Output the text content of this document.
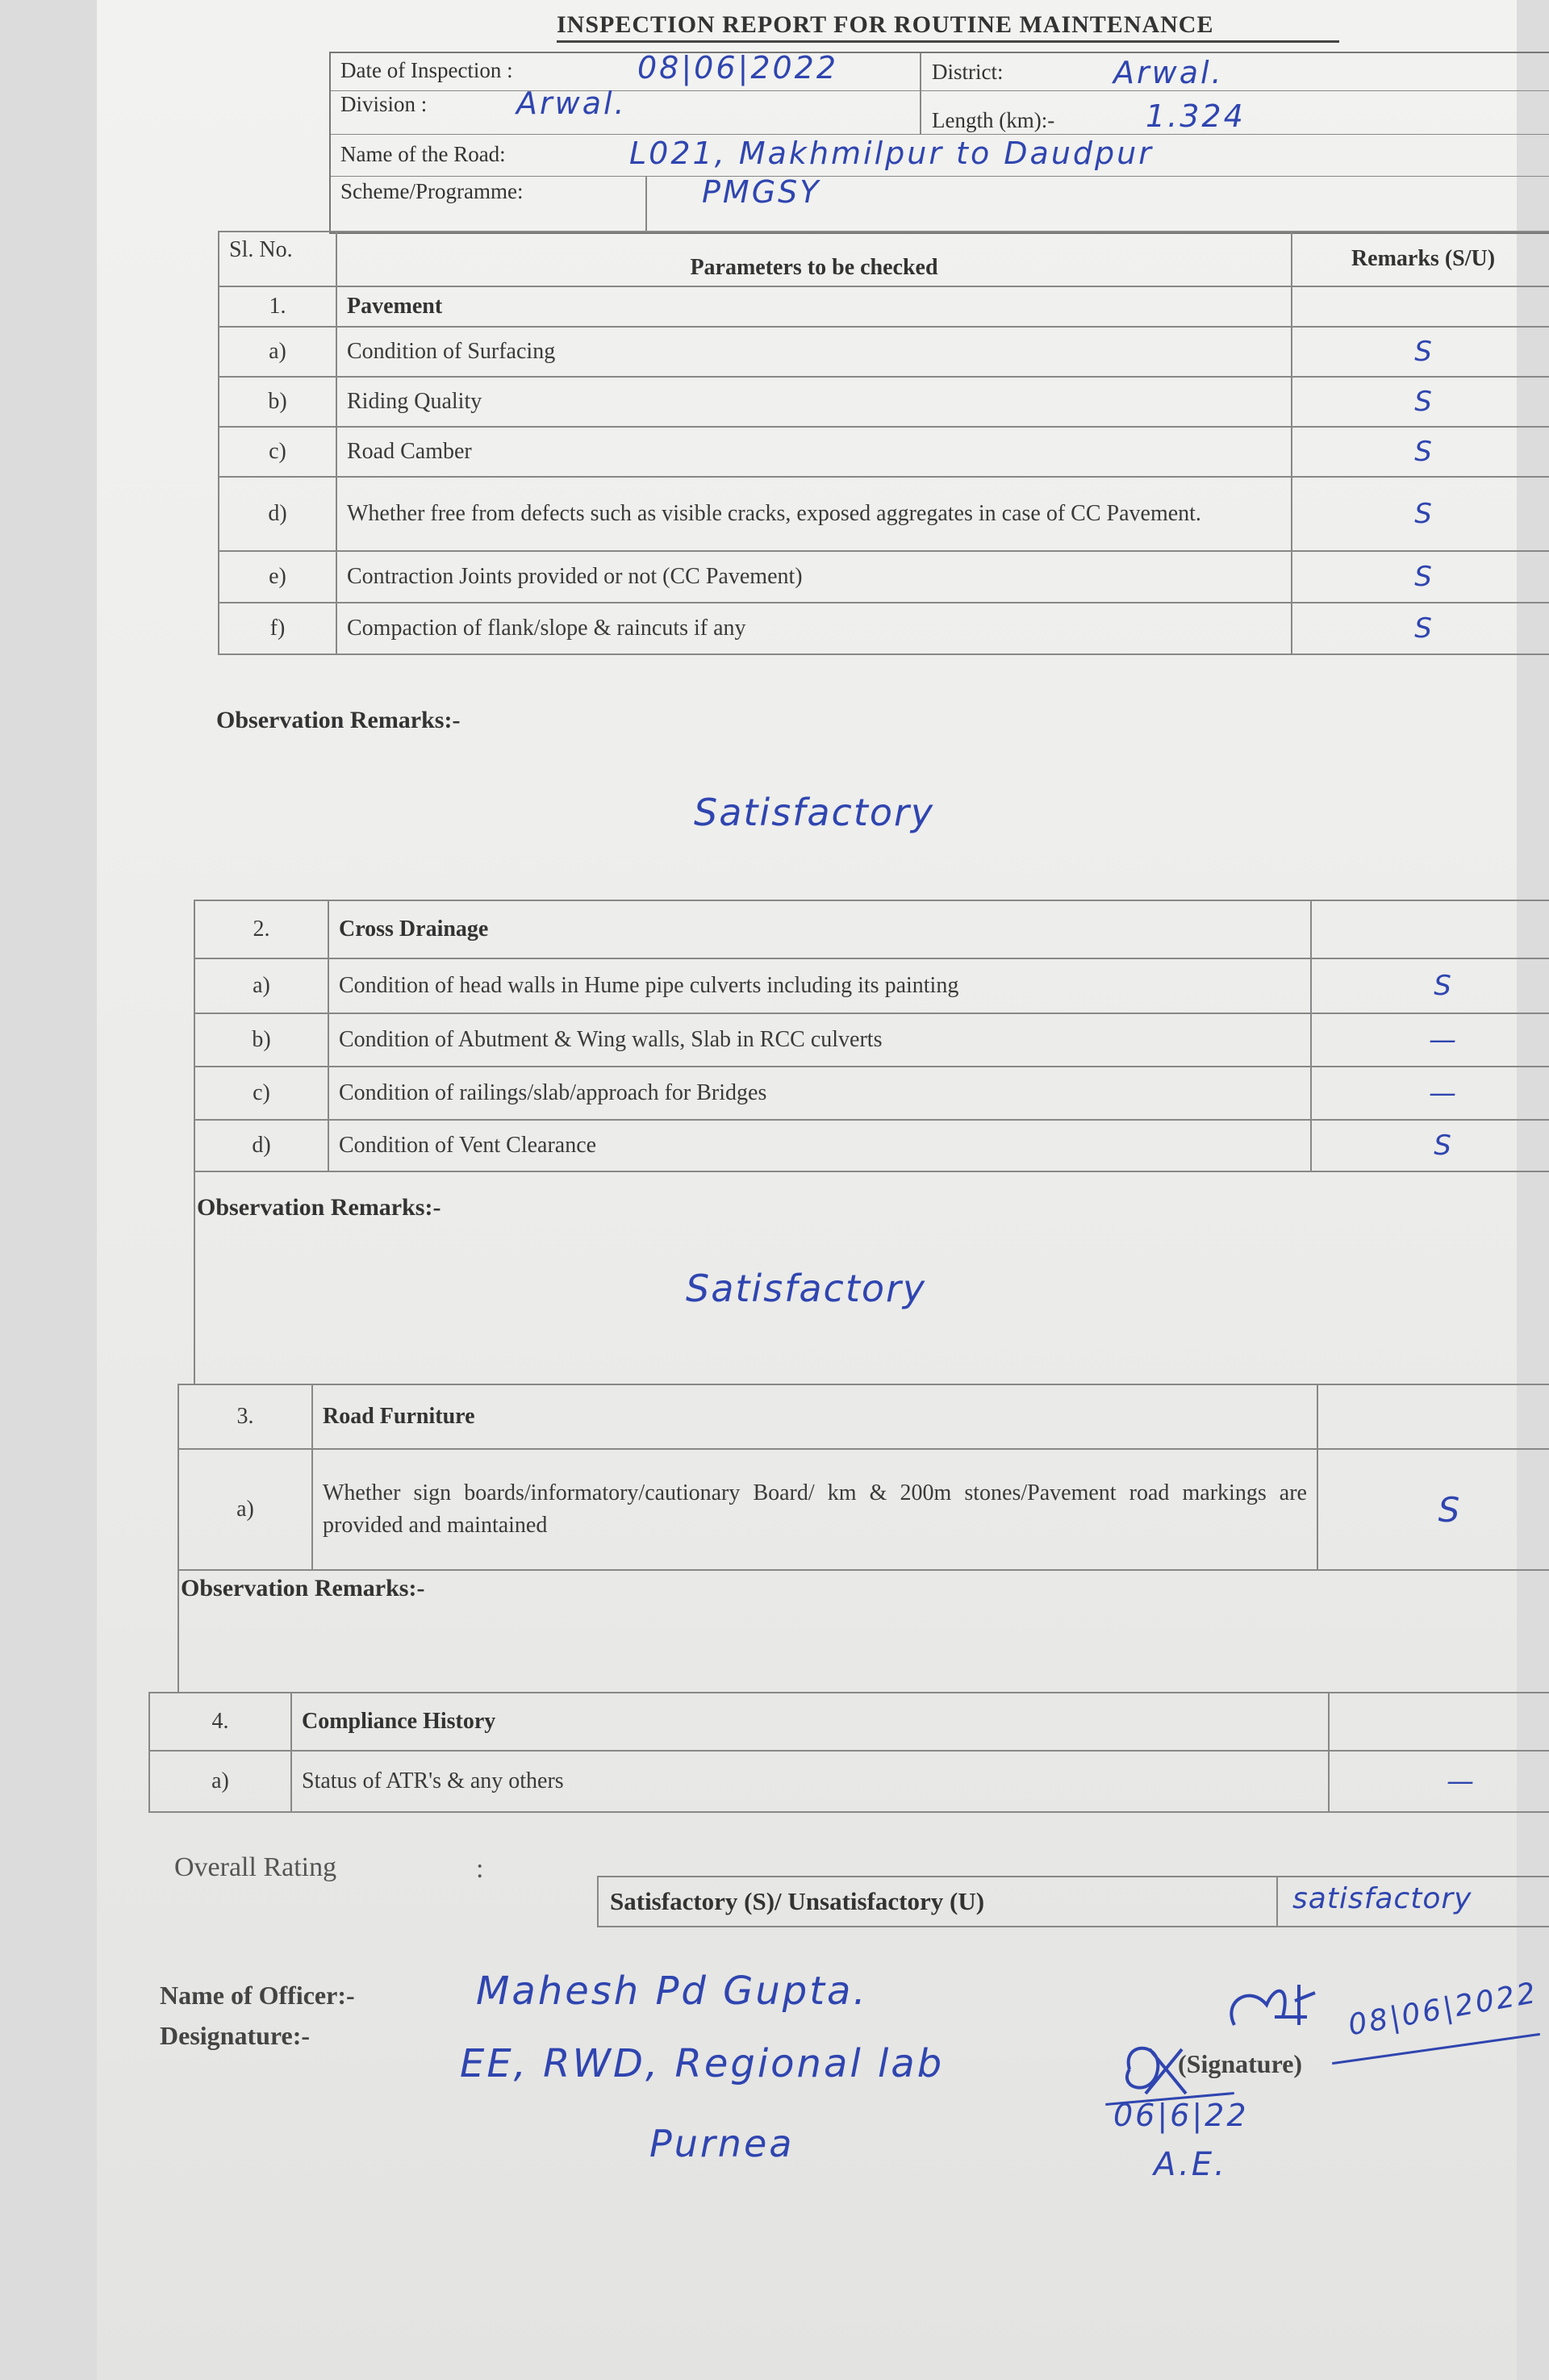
INSPECTION REPORT FOR ROUTINE MAINTENANCE
Date of Inspection :	08|06|2022	District:	Arwal.
Division :	Arwal.	Length (km):-	1.324
Name of the Road:	L021, Makhmilpur to Daudpur
Scheme/Programme:	PMGSY
Sl. No.	Parameters to be checked	Remarks (S/U)
1.	Pavement	
a)	Condition of Surfacing	S
b)	Riding Quality	S
c)	Road Camber	S
d)	Whether free from defects such as visible cracks, exposed aggregates in case of CC Pavement.	S
e)	Contraction Joints provided or not (CC Pavement)	S
f)	Compaction of flank/slope & raincuts if any	S
Observation Remarks:-
Satisfactory
2.	Cross Drainage	
a)	Condition of head walls in Hume pipe culverts including its painting	S
b)	Condition of Abutment & Wing walls, Slab in RCC culverts	—
c)	Condition of railings/slab/approach for Bridges	—
d)	Condition of Vent Clearance	S
Observation Remarks:-
Satisfactory
3.	Road Furniture	
a)	Whether sign boards/informatory/cautionary Board/ km & 200m stones/Pavement road markings are provided and maintained	S
Observation Remarks:-
4.	Compliance History	
a)	Status of ATR's & any others	—
Overall Rating	:
Satisfactory (S)/ Unsatisfactory (U)	satisfactory
Name of Officer:-	Mahesh Pd Gupta.
Designature:-
EE, RWD, Regional lab
Purnea
08|06|2022
(Signature)
06|6|22
A.E.
